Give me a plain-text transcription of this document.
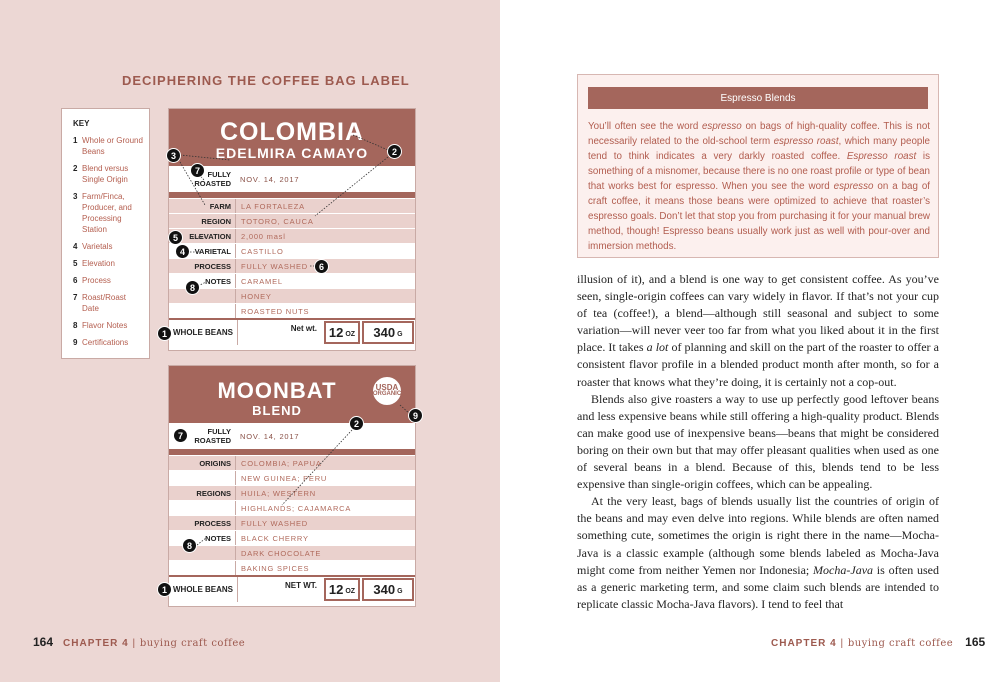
DECIPHERING THE COFFEE BAG LABEL
KEY
1 Whole or Ground Beans
2 Blend versus Single Origin
3 Farm/Finca, Producer, and Processing Station
4 Varietals
5 Elevation
6 Process
7 Roast/Roast Date
8 Flavor Notes
9 Certifications
COLOMBIA
EDELMIRA CAMAYO
FULLY ROASTED	NOV. 14, 2017
FARM	LA FORTALEZA
REGION	TOTORO, CAUCA
ELEVATION	2,000 masl
VARIETAL	CASTILLO
PROCESS	FULLY WASHED
NOTES	CARAMEL
HONEY
ROASTED NUTS
WHOLE BEANS	Net wt. 12 OZ 340 G
MOONBAT
BLEND
USDA
ORGANIC
FULLY ROASTED	NOV. 14, 2017
ORIGINS	COLOMBIA; PAPUA
NEW GUINEA; PERU
REGIONS	HUILA; WESTERN
HIGHLANDS; CAJAMARCA
PROCESS	FULLY WASHED
NOTES	BLACK CHERRY
DARK CHOCOLATE
BAKING SPICES
WHOLE BEANS	NET WT. 12 OZ 340 G
3	2
7
5
4
6
8
1
9
2
7
8
1
164 CHAPTER 4 | buying craft coffee
Espresso Blends
You’ll often see the word espresso on bags of high-quality coffee. This is not necessarily related to the old-school term espresso roast, which many people tend to think indicates a very darkly roasted coffee. Espresso roast is something of a misnomer, because there is no one roast profile or type of bean that works best for espresso. When you see the word espresso on a bag of craft coffee, it means those beans were optimized to achieve that roaster’s espresso goals. Don’t let that stop you from purchasing it for your manual brew method, though! Espresso beans usually work just as well with pour-over and immersion methods.

illusion of it), and a blend is one way to get consistent coffee. As you’ve seen, single-origin coffees can vary widely in flavor. If that’s not your cup of tea (coffee!), a blend—although still seasonal and subject to some variation—will never veer too far from what you liked about it in the first place. It takes a lot of planning and skill on the part of the roaster to offer a consistent flavor profile in a blended product month after month, so for a roaster that knows what they’re doing, it is certainly not a cop-out.

Blends also give roasters a way to use up perfectly good leftover beans and less expensive beans while still offering a high-quality product. Blends can make good use of inexpensive beans—beans that might be considered boring on their own but that may offer pleasant qualities when used as one of several beans in a blend. Because of this, blends tend to be less expensive than single-origin coffees, which can be appealing.

At the very least, bags of blends usually list the countries of origin of the beans and may even delve into regions. While blends are often named something cute, sometimes the origin is right there in the name—Mocha-Java is a classic example (although some blends labeled as Mocha-Java might come from neither Yemen nor Indonesia; Mocha-Java is often used as a generic marketing term, and some claim such blends are intended to replicate classic Mocha-Java flavors). I tend to feel that

CHAPTER 4 | buying craft coffee 165
